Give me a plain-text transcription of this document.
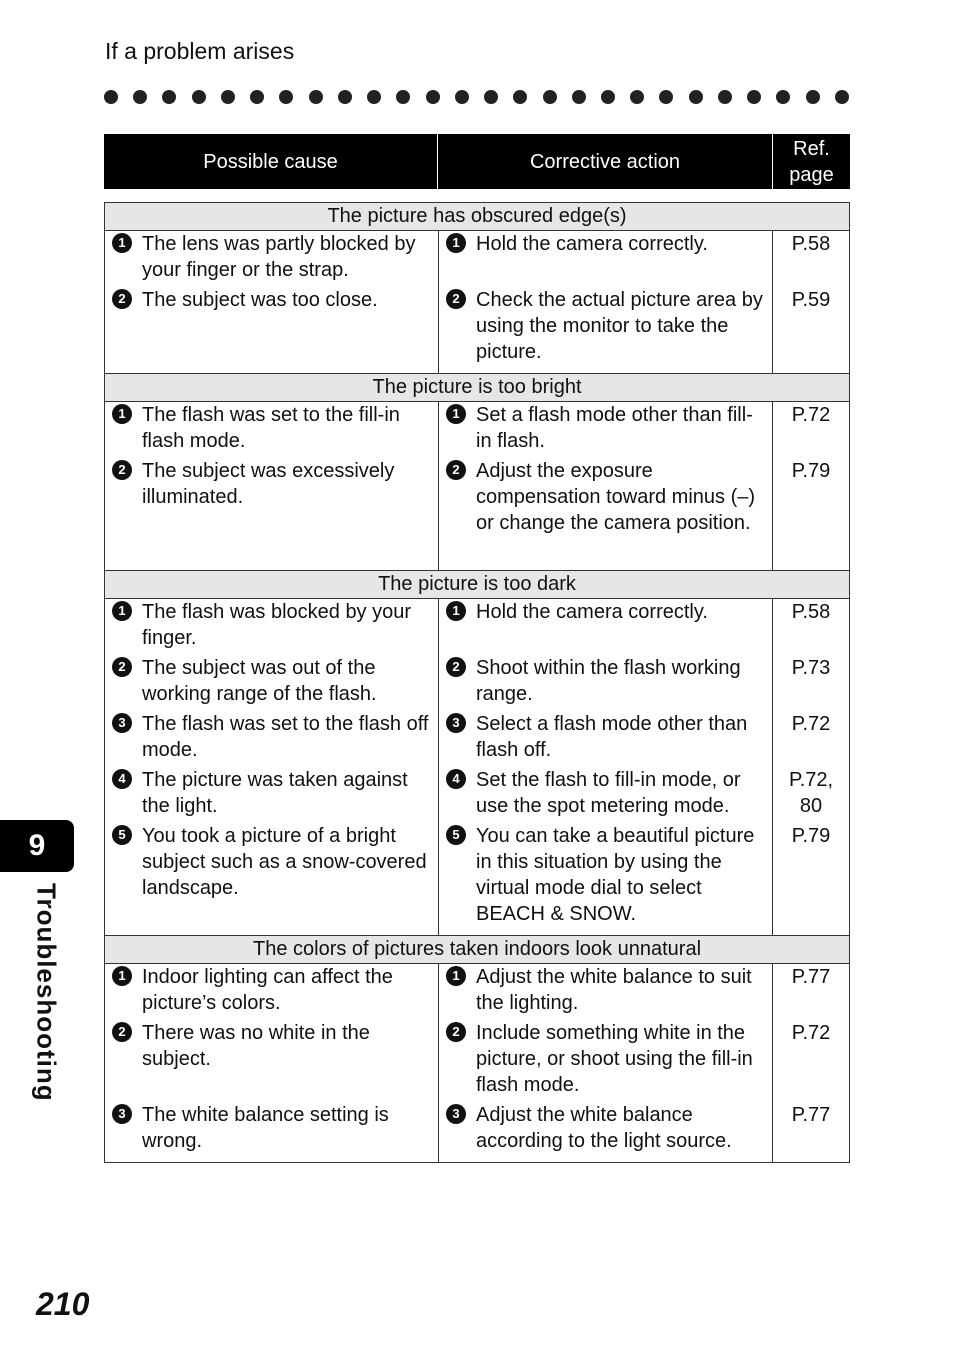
If a problem arises
Possible cause	Corrective action
Ref.
page
The picture has obscured edge(s)
1 The lens was partly blocked by your finger or the strap.
2 The subject was too close.
1 Hold the camera correctly.
2 Check the actual picture area by using the monitor to take the picture.
P.58
P.59
The picture is too bright
1 The flash was set to the fill-in flash mode.
2 The subject was excessively illuminated.
1 Set a flash mode other than fill-in flash.
2 Adjust the exposure compensation toward minus (–) or change the camera position.
P.72
P.79
The picture is too dark
1 The flash was blocked by your finger.
2 The subject was out of the working range of the flash.
3 The flash was set to the flash off mode.
4 The picture was taken against the light.
5 You took a picture of a bright subject such as a snow-covered landscape.
1 Hold the camera correctly.
2 Shoot within the flash working range.
3 Select a flash mode other than flash off.
4 Set the flash to fill-in mode, or use the spot metering mode.
5 You can take a beautiful picture in this situation by using the virtual mode dial to select BEACH & SNOW.
P.58
P.73
P.72
P.72,
80
P.79
The colors of pictures taken indoors look unnatural
1 Indoor lighting can affect the picture’s colors.
2 There was no white in the subject.
3 The white balance setting is wrong.
1 Adjust the white balance to suit the lighting.
2 Include something white in the picture, or shoot using the fill-in flash mode.
3 Adjust the white balance according to the light source.
P.77
P.72
P.77
9
Troubleshooting
210
